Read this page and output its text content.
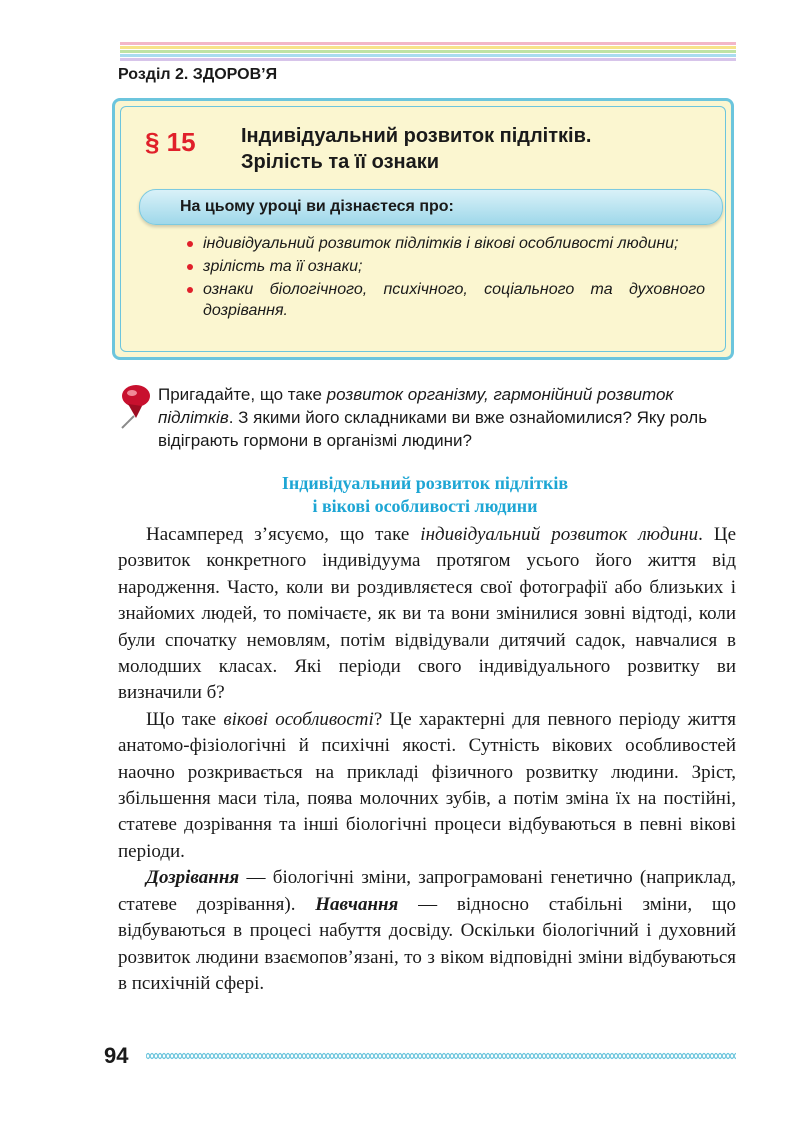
Розділ 2. ЗДОРОВ’Я
§ 15 Індивідуальний розвиток підлітків.
Зрілість та її ознаки
На цьому уроці ви дізнаєтеся про:
індивідуальний розвиток підлітків і вікові особливості людини;
зрілість та її ознаки;
ознаки біологічного, психічного, соціального та духовного дозрівання.
Пригадайте, що таке розвиток організму, гармонійний розвиток підлітків. З якими його складниками ви вже ознайомилися? Яку роль відіграють гормони в організмі людини?
Індивідуальний розвиток підлітків
і вікові особливості людини

Насамперед з’ясуємо, що таке індивідуальний розвиток людини. Це розвиток конкретного індивідуума протягом усього його життя від народження. Часто, коли ви роздивляєтеся свої фотографії або близьких і знайомих людей, то помічаєте, як ви та вони змінилися зовні відтоді, коли були спочатку немовлям, потім відвідували дитячий садок, навчалися в молодших класах. Які періоди свого індивідуального розвитку ви визначили б?

Що таке вікові особливості? Це характерні для певного періоду життя анатомо-фізіологічні й психічні якості. Сутність вікових особливостей наочно розкривається на прикладі фізичного розвитку людини. Зріст, збільшення маси тіла, поява молочних зубів, а потім зміна їх на постійні, статеве дозрівання та інші біологічні процеси відбуваються в певні вікові періоди.

Дозрівання — біологічні зміни, запрограмовані генетично (наприклад, статеве дозрівання). Навчання — відносно стабільні зміни, що відбуваються в процесі набуття досвіду. Оскільки біологічний і духовний розвиток людини взаємопов’язані, то з віком відповідні зміни відбуваються в психічній сфері.

94
